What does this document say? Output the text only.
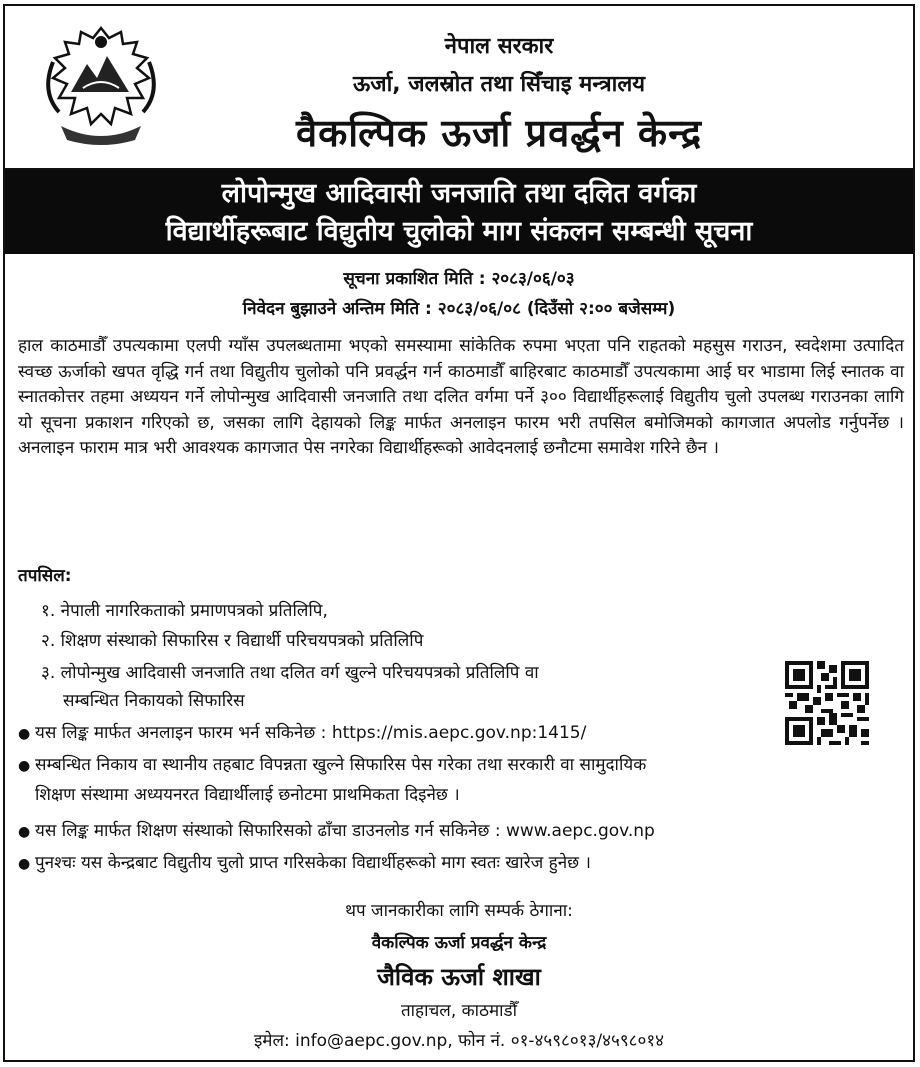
नेपाल सरकार
ऊर्जा, जलस्रोत तथा सिँचाइ मन्त्रालय
वैकल्पिक ऊर्जा प्रवर्द्धन केन्द्र
लोपोन्मुख आदिवासी जनजाति तथा दलित वर्गका
विद्यार्थीहरूबाट विद्युतीय चुलोको माग संकलन सम्बन्धी सूचना
सूचना प्रकाशित मिति : २०८३/०६/०३
निवेदन बुझाउने अन्तिम मिति : २०८३/०६/०८ (दिउँसो २:०० बजेसम्म)
हाल काठमाडौँ उपत्यकामा एलपी ग्याँस उपलब्धतामा भएको समस्यामा सांकेतिक रुपमा भएता पनि राहतको महसुस गराउन, स्वदेशमा उत्पादित स्वच्छ ऊर्जाको खपत वृद्धि गर्न तथा विद्युतीय चुलोको पनि प्रवर्द्धन गर्न काठमाडौँ बाहिरबाट काठमाडौँ उपत्यकामा आई घर भाडामा लिई स्नातक वा स्नातकोत्तर तहमा अध्ययन गर्ने लोपोन्मुख आदिवासी जनजाति तथा दलित वर्गमा पर्ने ३०० विद्यार्थीहरूलाई विद्युतीय चुलो उपलब्ध गराउनका लागि यो सूचना प्रकाशन गरिएको छ, जसका लागि देहायको लिङ्क मार्फत अनलाइन फारम भरी तपसिल बमोजिमको कागजात अपलोड गर्नुपर्नेछ । अनलाइन फाराम मात्र भरी आवश्यक कागजात पेस नगरेका विद्यार्थीहरूको आवेदनलाई छनौटमा समावेश गरिने छैन ।
तपसिल:
१. नेपाली नागरिकताको प्रमाणपत्रको प्रतिलिपि,
२. शिक्षण संस्थाको सिफारिस र विद्यार्थी परिचयपत्रको प्रतिलिपि
३. लोपोन्मुख आदिवासी जनजाति तथा दलित वर्ग खुल्ने परिचयपत्रको प्रतिलिपि वा
सम्बन्धित निकायको सिफारिस
● यस लिङ्क मार्फत अनलाइन फारम भर्न सकिनेछ : https://mis.aepc.gov.np:1415/
● सम्बन्धित निकाय वा स्थानीय तहबाट विपन्नता खुल्ने सिफारिस पेस गरेका तथा सरकारी वा सामुदायिक
शिक्षण संस्थामा अध्ययनरत विद्यार्थीलाई छनोटमा प्राथमिकता दिइनेछ ।
● यस लिङ्क मार्फत शिक्षण संस्थाको सिफारिसको ढाँचा डाउनलोड गर्न सकिनेछ : www.aepc.gov.np
● पुनश्चः यस केन्द्रबाट विद्युतीय चुलो प्राप्त गरिसकेका विद्यार्थीहरूको माग स्वतः खारेज हुनेछ ।
थप जानकारीका लागि सम्पर्क ठेगाना:
वैकल्पिक ऊर्जा प्रवर्द्धन केन्द्र
जैविक ऊर्जा शाखा
ताहाचल, काठमाडौँ
इमेल: info@aepc.gov.np, फोन नं. ०१-४५९८०१३/४५९८०१४
